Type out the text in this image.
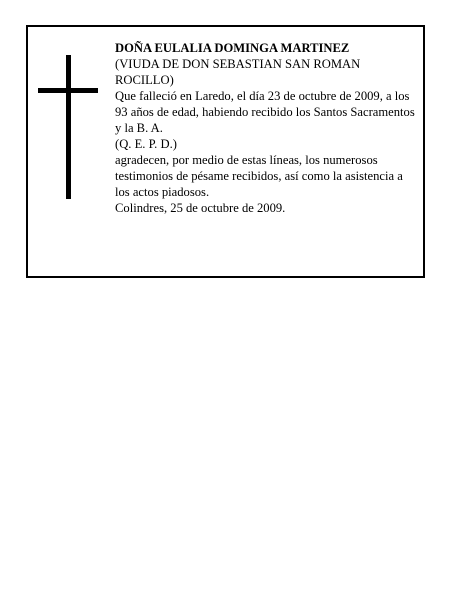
DOÑA EULALIA DOMINGA MARTINEZ

(VIUDA DE DON SEBASTIAN SAN ROMAN ROCILLO)

Que falleció en Laredo, el día 23 de octubre de 2009, a los 93 años de edad, habiendo recibido los Santos Sacramentos y la B. A.

(Q. E. P. D.)

agradecen, por medio de estas líneas, los numerosos testimonios de pésame recibidos, así como la asistencia a los actos piadosos.

Colindres, 25 de octubre de 2009.
